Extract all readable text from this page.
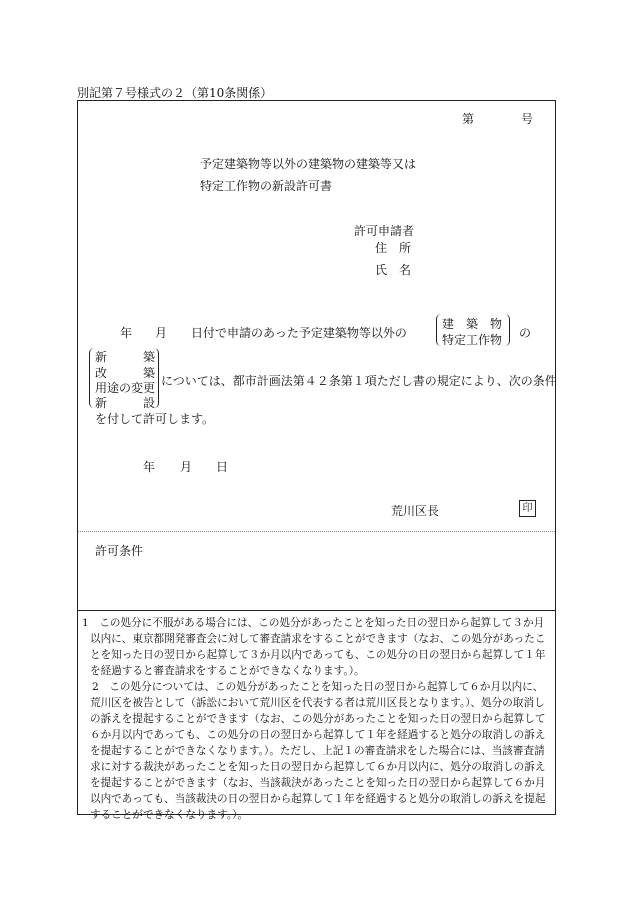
別記第７号様式の２（第10条関係）
第	号
予定建築物等以外の建築物の建築等又は
特定工作物の新設許可書
許可申請者
住　所
氏　名
年 月 日付で申請のあった予定建築物等以外の
建　築　物
特定工作物 の
新　　　築
改　　　築
用途の変更
新　　　設
については、都市計画法第４２条第１項ただし書の規定により、次の条件
を付して許可します。
年 月 日
荒川区長	印
許可条件

1　この処分に不服がある場合には、この処分があったことを知った日の翌日から起算して３か月以内に、東京都開発審査会に対して審査請求をすることができます（なお、この処分があったことを知った日の翌日から起算して３か月以内であっても、この処分の日の翌日から起算して１年を経過すると審査請求をすることができなくなります。）。

2　この処分については、この処分があったことを知った日の翌日から起算して６か月以内に、荒川区を被告として（訴訟において荒川区を代表する者は荒川区長となります。）、処分の取消しの訴えを提起することができます（なお、この処分があったことを知った日の翌日から起算して６か月以内であっても、この処分の日の翌日から起算して１年を経過すると処分の取消しの訴えを提起することができなくなります。）。ただし、上記１の審査請求をした場合には、当該審査請求に対する裁決があったことを知った日の翌日から起算して６か月以内に、処分の取消しの訴えを提起することができます（なお、当該裁決があったことを知った日の翌日から起算して６か月以内であっても、当該裁決の日の翌日から起算して１年を経過すると処分の取消しの訴えを提起することができなくなります。）。
